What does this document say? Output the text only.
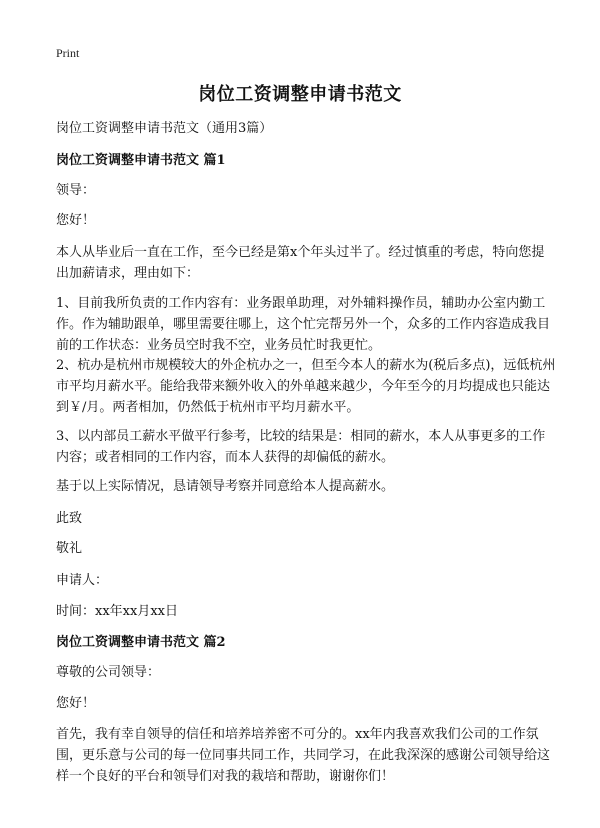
Print
岗位工资调整申请书范文
岗位工资调整申请书范文（通用3篇）
岗位工资调整申请书范文 篇1
领导：
您好！
本人从毕业后一直在工作，至今已经是第x个年头过半了。经过慎重的考虑，特向您提出加薪请求，理由如下：
1、目前我所负责的工作内容有：业务跟单助理，对外辅料操作员，辅助办公室内勤工作。作为辅助跟单，哪里需要往哪上，这个忙完帮另外一个，众多的工作内容造成我目前的工作状态：业务员空时我不空，业务员忙时我更忙。
2、杭办是杭州市规模较大的外企杭办之一，但至今本人的薪水为(税后多点)，远低杭州市平均月薪水平。能给我带来额外收入的外单越来越少，今年至今的月均提成也只能达到￥/月。两者相加，仍然低于杭州市平均月薪水平。
3、以内部员工薪水平做平行参考，比较的结果是：相同的薪水，本人从事更多的工作内容；或者相同的工作内容，而本人获得的却偏低的薪水。
基于以上实际情况，恳请领导考察并同意给本人提高薪水。
此致
敬礼
申请人：
时间：xx年xx月xx日
岗位工资调整申请书范文 篇2
尊敬的公司领导：
您好！
首先，我有幸自领导的信任和培养培养密不可分的。xx年内我喜欢我们公司的工作氛围，更乐意与公司的每一位同事共同工作，共同学习，在此我深深的感谢公司领导给这样一个良好的平台和领导们对我的栽培和帮助，谢谢你们！
